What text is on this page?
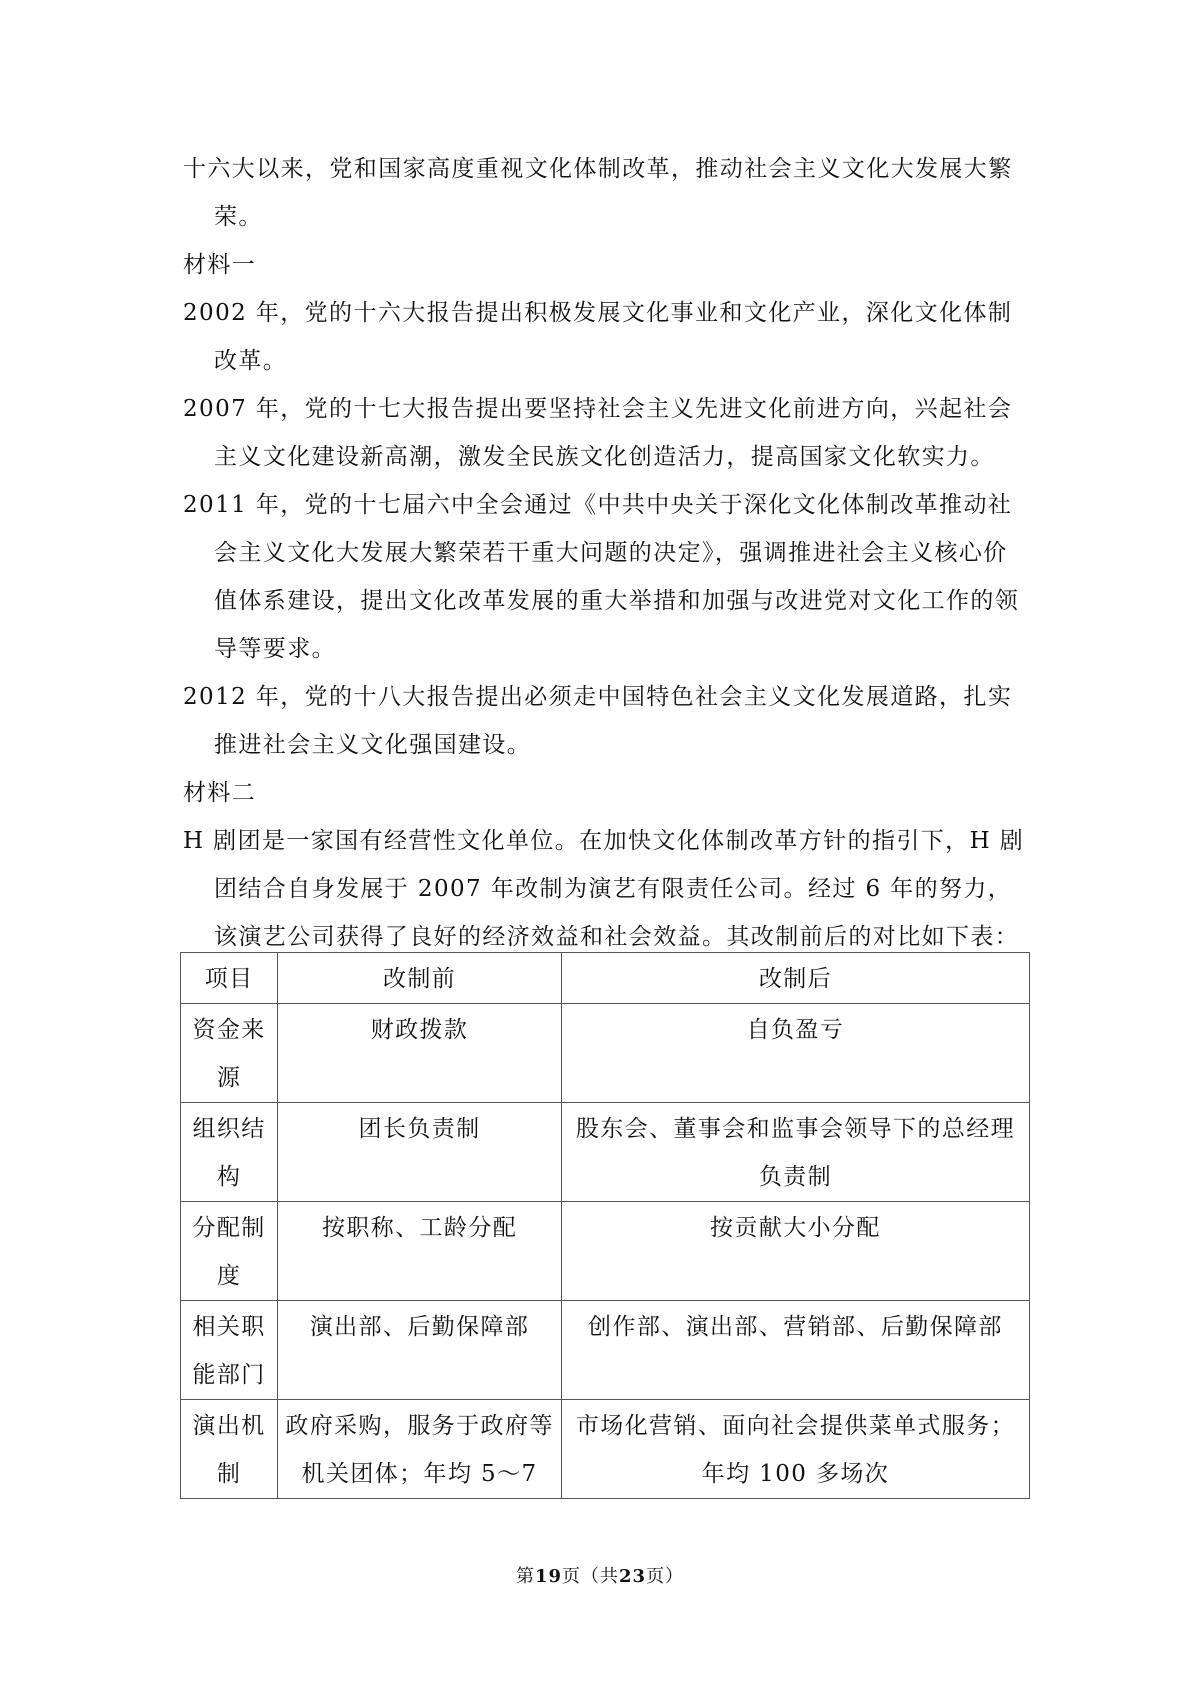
十六大以来，党和国家高度重视文化体制改革，推动社会主义文化大发展大繁荣。

材料一

2002 年，党的十六大报告提出积极发展文化事业和文化产业，深化文化体制改革。

2007 年，党的十七大报告提出要坚持社会主义先进文化前进方向，兴起社会主义文化建设新高潮，激发全民族文化创造活力，提高国家文化软实力。

2011 年，党的十七届六中全会通过《中共中央关于深化文化体制改革推动社会主义文化大发展大繁荣若干重大问题的决定》，强调推进社会主义核心价值体系建设，提出文化改革发展的重大举措和加强与改进党对文化工作的领导等要求。

2012 年，党的十八大报告提出必须走中国特色社会主义文化发展道路，扎实推进社会主义文化强国建设。

材料二

H 剧团是一家国有经营性文化单位。在加快文化体制改革方针的指引下，H 剧团结合自身发展于 2007 年改制为演艺有限责任公司。经过 6 年的努力，该演艺公司获得了良好的经济效益和社会效益。其改制前后的对比如下表：

项目	改制前	改制后
资金来源	财政拨款	自负盈亏
组织结构	团长负责制	股东会、董事会和监事会领导下的总经理负责制
分配制度	按职称、工龄分配	按贡献大小分配
相关职能部门	演出部、后勤保障部	创作部、演出部、营销部、后勤保障部
演出机制	政府采购，服务于政府等机关团体；年均 5～7	市场化营销、面向社会提供菜单式服务；年均 100 多场次
第19页（共23页）
